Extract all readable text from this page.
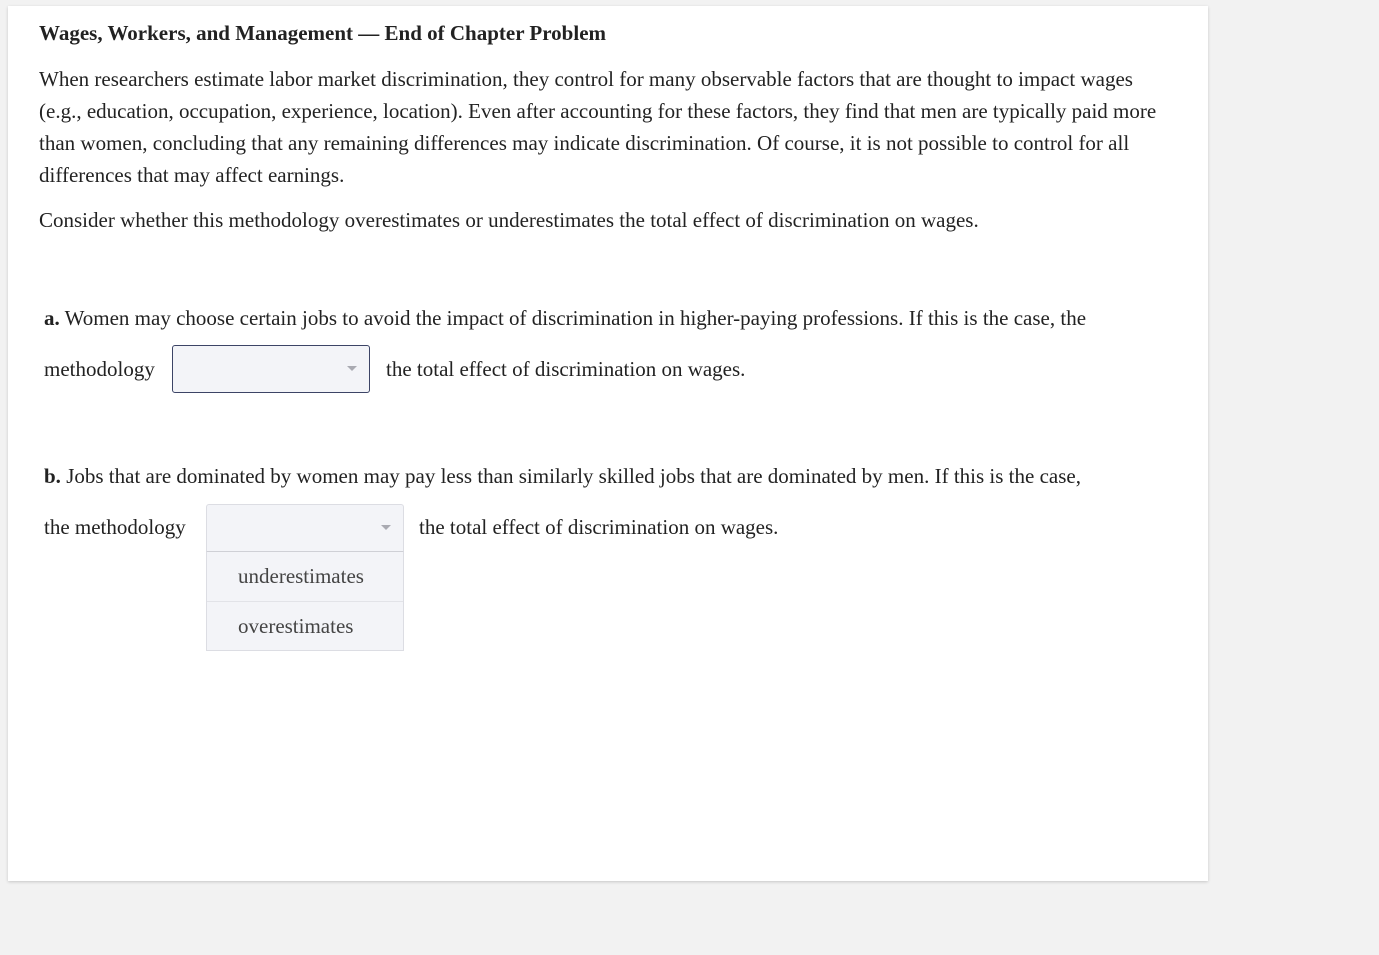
Wages, Workers, and Management — End of Chapter Problem

When researchers estimate labor market discrimination, they control for many observable factors that are thought to impact wages (e.g., education, occupation, experience, location). Even after accounting for these factors, they find that men are typically paid more than women, concluding that any remaining differences may indicate discrimination. Of course, it is not possible to control for all differences that may affect earnings.

Consider whether this methodology overestimates or underestimates the total effect of discrimination on wages.

a. Women may choose certain jobs to avoid the impact of discrimination in higher-paying professions. If this is the case, the
methodology	the total effect of discrimination on wages.
b. Jobs that are dominated by women may pay less than similarly skilled jobs that are dominated by men. If this is the case,
the methodology	the total effect of discrimination on wages.
underestimates
overestimates
